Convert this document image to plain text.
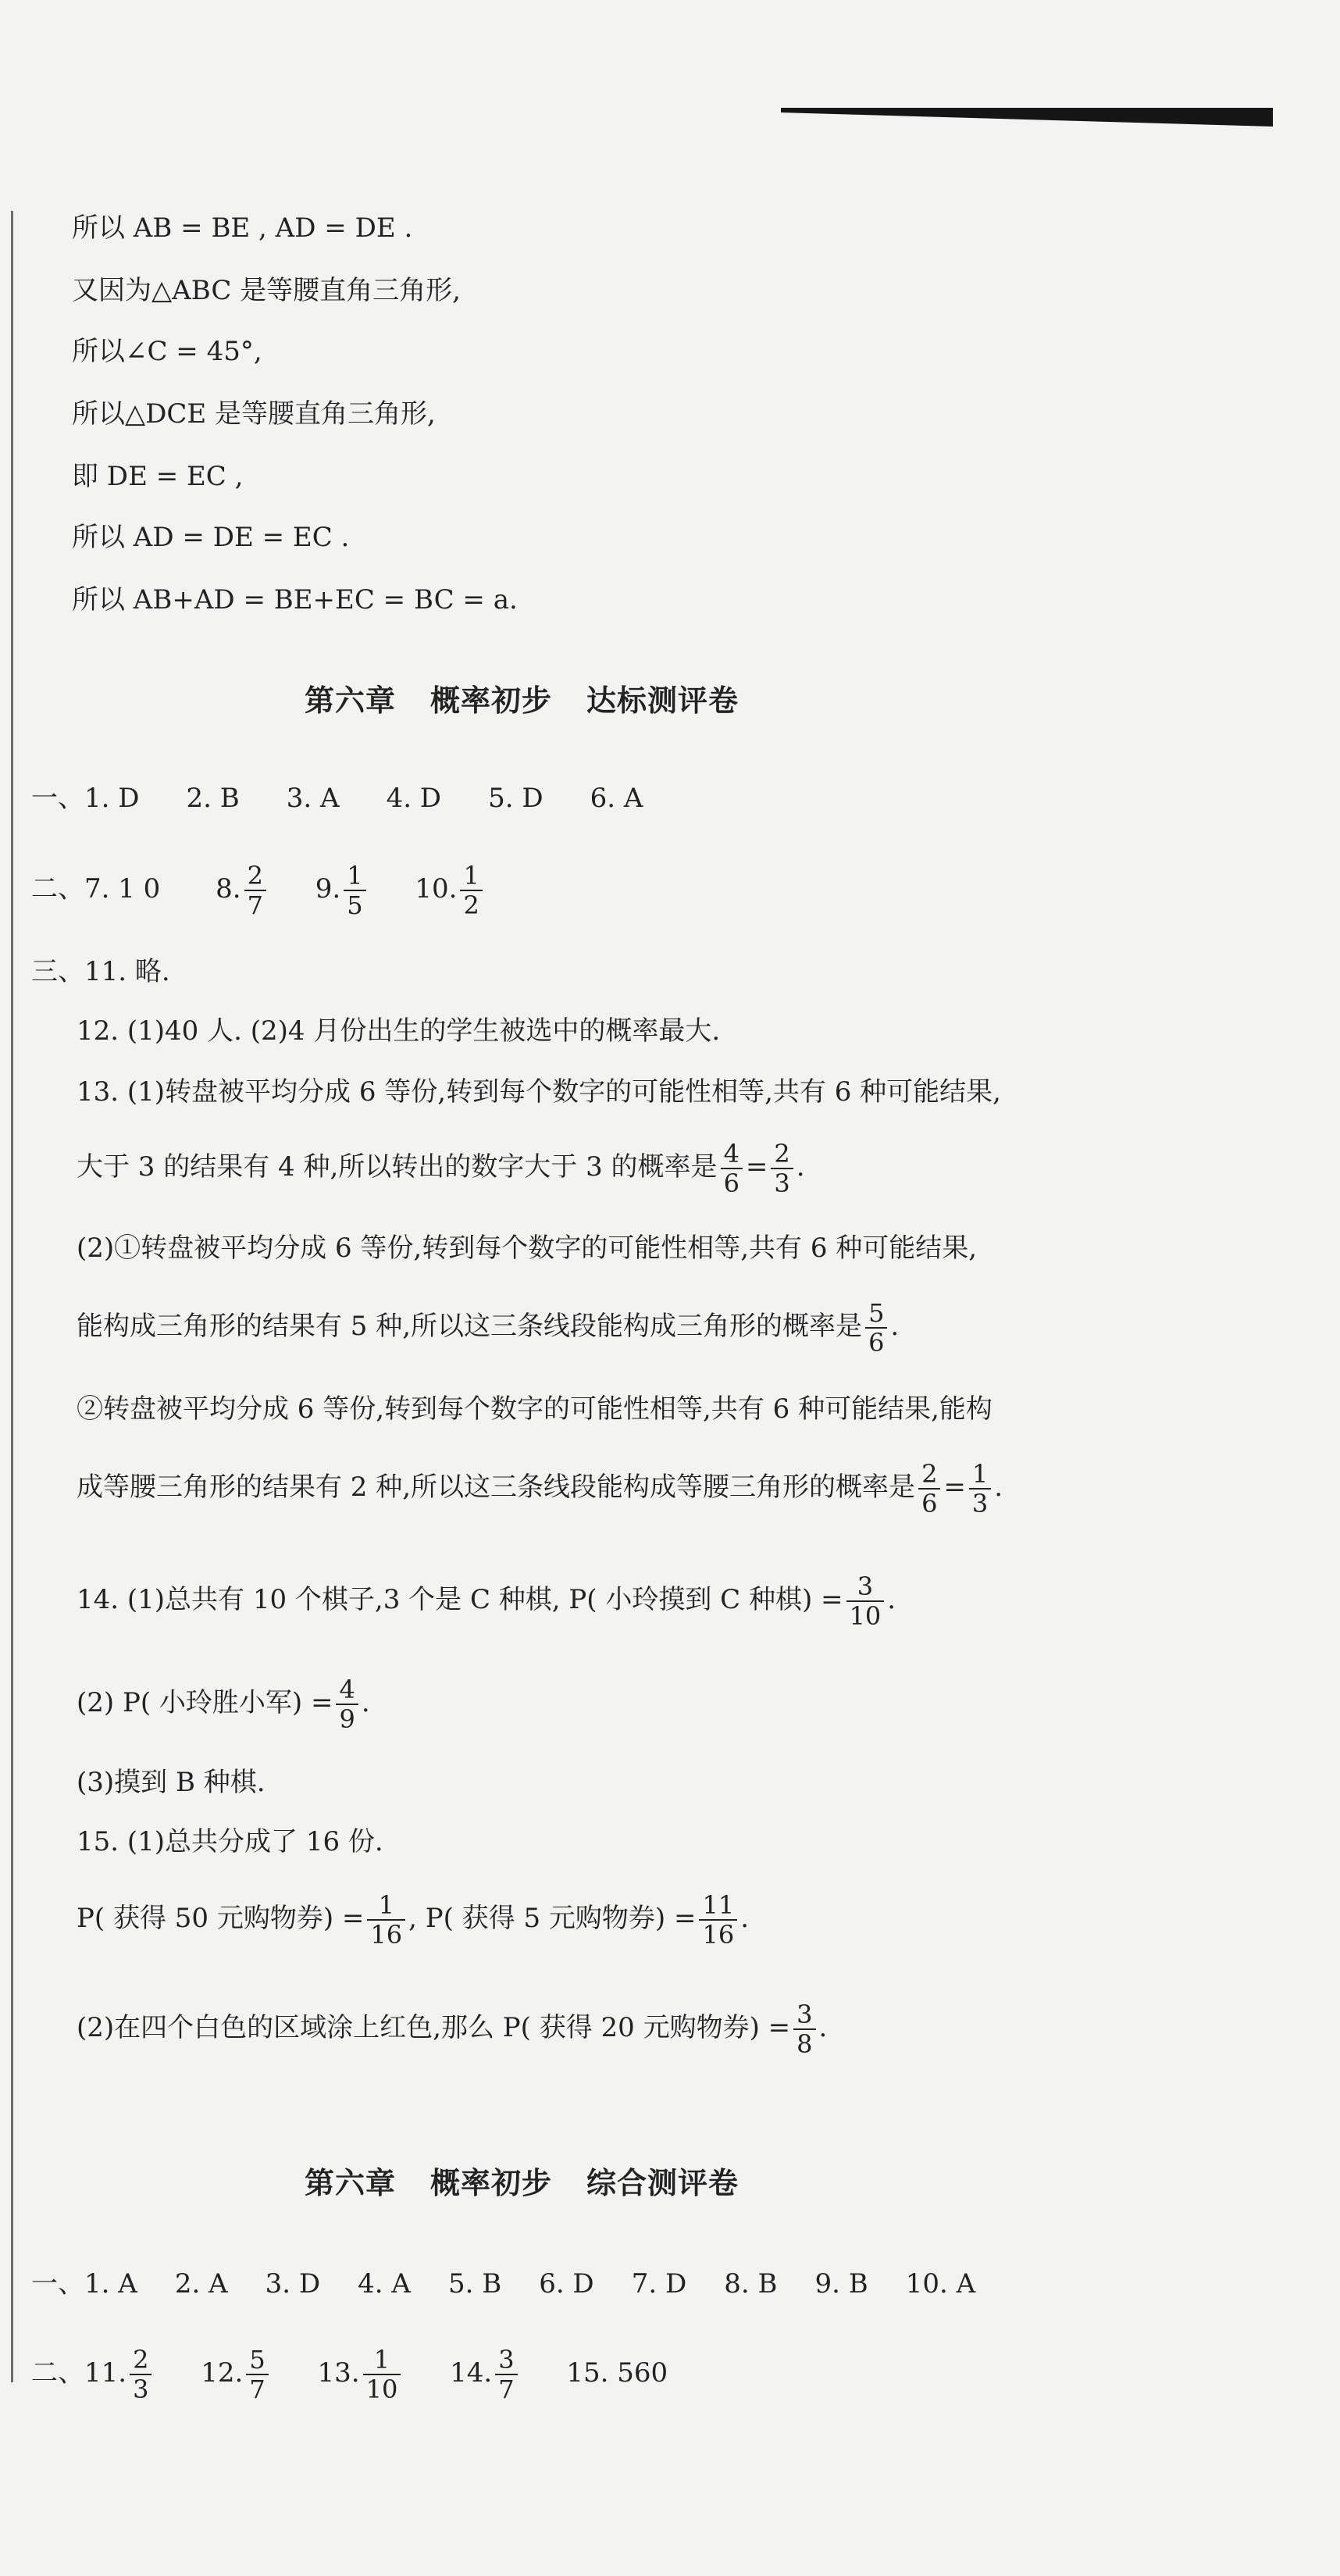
所以 AB = BE , AD = DE .
又因为△ABC 是等腰直角三角形,
所以∠C = 45°,
所以△DCE 是等腰直角三角形,
即 DE = EC ,
所以 AD = DE = EC .
所以 AB+AD = BE+EC = BC = a.
第六章 概率初步 达标测评卷
一、1. D 2. B 3. A 4. D 5. D 6. A
二、7. 1 0 8. $\frac{2}{7} 9$. $\frac{1}{5} 10$. $\frac{1}{2}$
三、11. 略.
12. (1)40 人. (2)4 月份出生的学生被选中的概率最大.
13. (1)转盘被平均分成 6 等份,转到每个数字的可能性相等,共有 6 种可能结果,
大于 3 的结果有 4 种,所以转出的数字大于 3 的概率是 $\frac{4}{6} = \frac{2}{3}$ .
(2)①转盘被平均分成 6 等份,转到每个数字的可能性相等,共有 6 种可能结果,
能构成三角形的结果有 5 种,所以这三条线段能构成三角形的概率是 $\frac{5}{6}$ .
②转盘被平均分成 6 等份,转到每个数字的可能性相等,共有 6 种可能结果,能构
成等腰三角形的结果有 2 种,所以这三条线段能构成等腰三角形的概率是 $\frac{2}{6} = \frac{1}{3}$ .
14. (1)总共有 10 个棋子,3 个是 C 种棋, P( 小玲摸到 C 种棋) = $\frac{3}{10}$ .
(2) P( 小玲胜小军) = $\frac{4}{9}$ .
(3)摸到 B 种棋.
15. (1)总共分成了 16 份.
P( 获得 50 元购物券) = $\frac{1}{16}$ , P( 获得 5 元购物券) = $\frac{11}{16}$ .
(2)在四个白色的区域涂上红色,那么 P( 获得 20 元购物券) = $\frac{3}{8}$ .
第六章 概率初步 综合测评卷
一、1. A 2. A 3. D 4. A 5. B 6. D 7. D 8. B 9. B 10. A
二、11. $\frac{2}{3} 12$. $\frac{5}{7} 13$. $\frac{1}{10} 14$. $\frac{3}{7} 15$. 560
